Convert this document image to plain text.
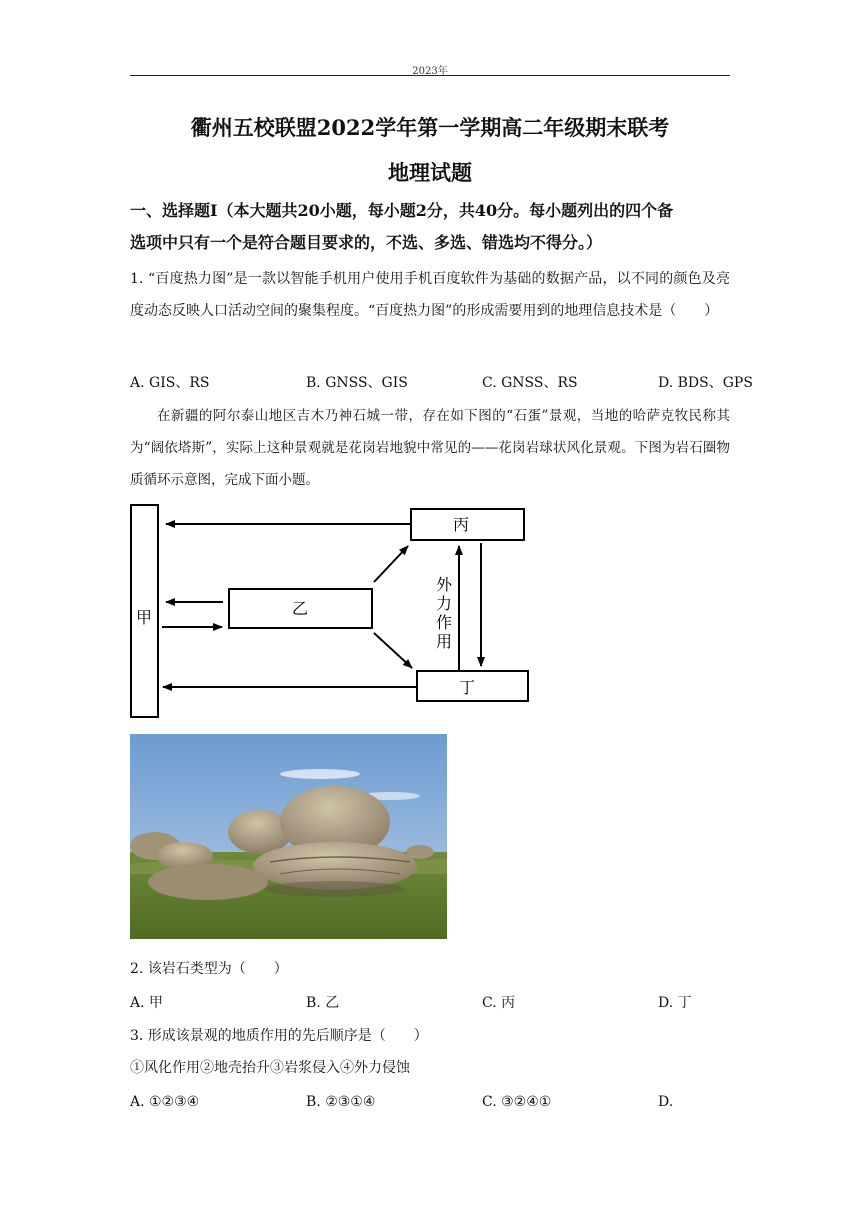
2023年
衢州五校联盟2022学年第一学期高二年级期末联考
地理试题
一、选择题Ⅰ（本大题共20小题，每小题2分，共40分。每小题列出的四个备
选项中只有一个是符合题目要求的，不选、多选、错选均不得分。）
1. “百度热力图”是一款以智能手机用户使用手机百度软件为基础的数据产品，以不同的颜色及亮度动态反映人口活动空间的聚集程度。“百度热力图”的形成需要用到的地理信息技术是（　　）
A. GIS、RS	B. GNSS、GIS	C. GNSS、RS	D. BDS、GPS
在新疆的阿尔泰山地区吉木乃神石城一带，存在如下图的“石蛋”景观，当地的哈萨克牧民称其为“阔依塔斯”，实际上这种景观就是花岗岩地貌中常见的——花岗岩球状风化景观。下图为岩石圈物质循环示意图，完成下面小题。
甲	乙
丙
丁
外
力
作
用
2. 该岩石类型为（　　）
A. 甲	B. 乙	C. 丙	D. 丁
3. 形成该景观的地质作用的先后顺序是（　　）
①风化作用②地壳抬升③岩浆侵入④外力侵蚀
A. ①②③④	B. ②③①④	C. ③②④①	D.
